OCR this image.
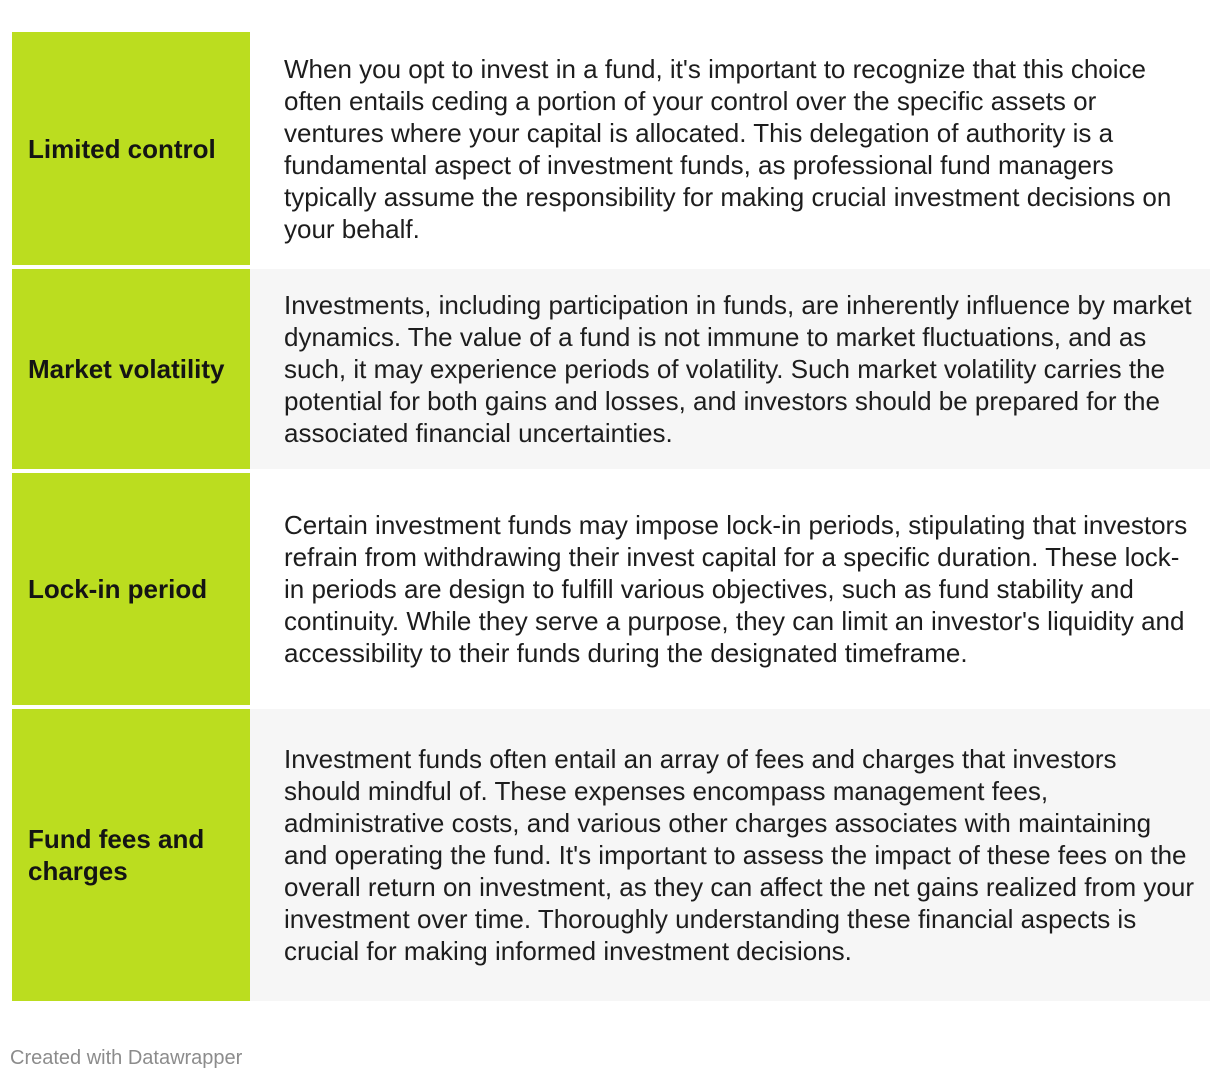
Limited control
When you opt to invest in a fund, it's important to recognize that this choice often entails ceding a portion of your control over the specific assets or ventures where your capital is allocated. This delegation of authority is a fundamental aspect of investment funds, as professional fund managers typically assume the responsibility for making crucial investment decisions on your behalf.
Market volatility
Investments, including participation in funds, are inherently influence by market dynamics. The value of a fund is not immune to market fluctuations, and as such, it may experience periods of volatility. Such market volatility carries the potential for both gains and losses, and investors should be prepared for the associated financial uncertainties.
Lock-in period
Certain investment funds may impose lock-in periods, stipulating that investors refrain from withdrawing their invest capital for a specific duration. These lock-in periods are design to fulfill various objectives, such as fund stability and continuity. While they serve a purpose, they can limit an investor's liquidity and accessibility to their funds during the designated timeframe.
Fund fees and charges
Investment funds often entail an array of fees and charges that investors should mindful of. These expenses encompass management fees, administrative costs, and various other charges associates with maintaining and operating the fund. It's important to assess the impact of these fees on the overall return on investment, as they can affect the net gains realized from your investment over time. Thoroughly understanding these financial aspects is crucial for making informed investment decisions.
Created with Datawrapper
